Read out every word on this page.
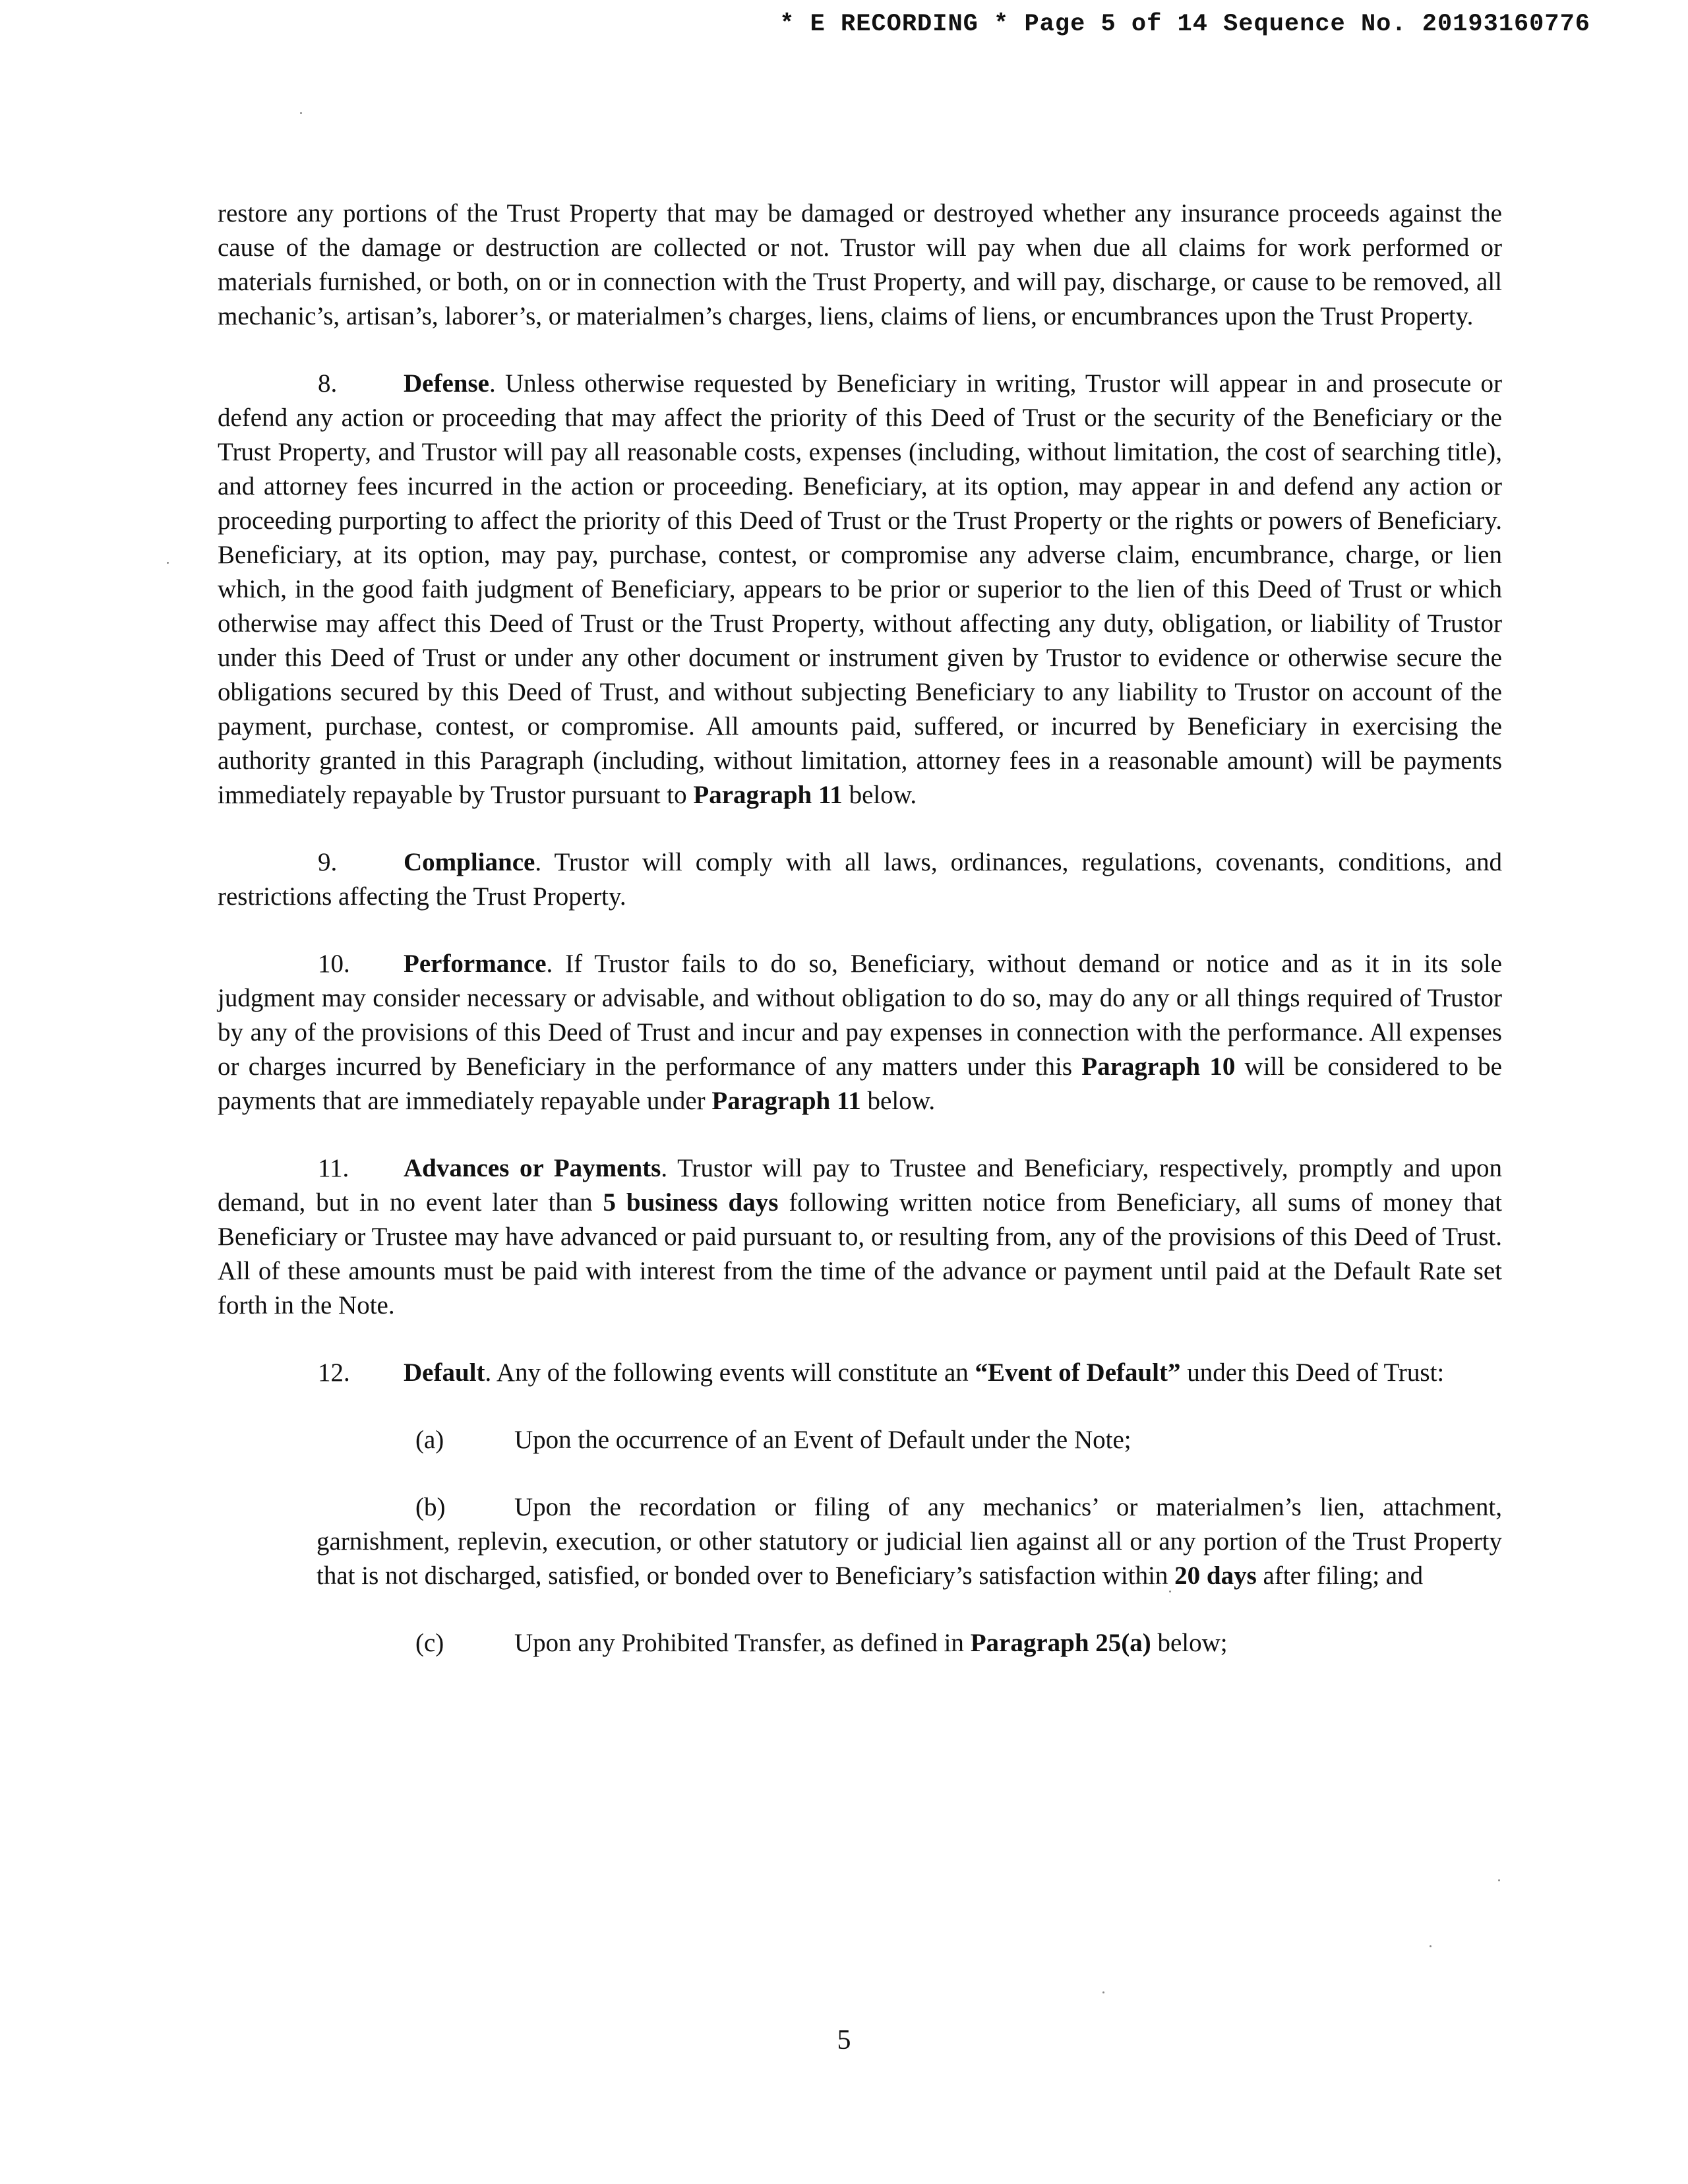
* E RECORDING * Page 5 of 14 Sequence No. 20193160776

restore any portions of the Trust Property that may be damaged or destroyed whether any insurance proceeds against the cause of the damage or destruction are collected or not. Trustor will pay when due all claims for work performed or materials furnished, or both, on or in connection with the Trust Property, and will pay, discharge, or cause to be removed, all mechanic’s, artisan’s, laborer’s, or materialmen’s charges, liens, claims of liens, or encumbrances upon the Trust Property.

8.	Defense. Unless otherwise requested by Beneficiary in writing, Trustor will appear in and prosecute or defend any action or proceeding that may affect the priority of this Deed of Trust or the security of the Beneficiary or the Trust Property, and Trustor will pay all reasonable costs, expenses (including, without limitation, the cost of searching title), and attorney fees incurred in the action or proceeding. Beneficiary, at its option, may appear in and defend any action or proceeding purporting to affect the priority of this Deed of Trust or the Trust Property or the rights or powers of Beneficiary. Beneficiary, at its option, may pay, purchase, contest, or compromise any adverse claim, encumbrance, charge, or lien which, in the good faith judgment of Beneficiary, appears to be prior or superior to the lien of this Deed of Trust or which otherwise may affect this Deed of Trust or the Trust Property, without affecting any duty, obligation, or liability of Trustor under this Deed of Trust or under any other document or instrument given by Trustor to evidence or otherwise secure the obligations secured by this Deed of Trust, and without subjecting Beneficiary to any liability to Trustor on account of the payment, purchase, contest, or compromise. All amounts paid, suffered, or incurred by Beneficiary in exercising the authority granted in this Paragraph (including, without limitation, attorney fees in a reasonable amount) will be payments immediately repayable by Trustor pursuant to Paragraph 11 below.

9.	Compliance. Trustor will comply with all laws, ordinances, regulations, covenants, conditions, and restrictions affecting the Trust Property.

10. Performance. If Trustor fails to do so, Beneficiary, without demand or notice and as it in its sole judgment may consider necessary or advisable, and without obligation to do so, may do any or all things required of Trustor by any of the provisions of this Deed of Trust and incur and pay expenses in connection with the performance. All expenses or charges incurred by Beneficiary in the performance of any matters under this Paragraph 10 will be considered to be payments that are immediately repayable under Paragraph 11 below.

11. Advances or Payments. Trustor will pay to Trustee and Beneficiary, respectively, promptly and upon demand, but in no event later than 5 business days following written notice from Beneficiary, all sums of money that Beneficiary or Trustee may have advanced or paid pursuant to, or resulting from, any of the provisions of this Deed of Trust. All of these amounts must be paid with interest from the time of the advance or payment until paid at the Default Rate set forth in the Note.

12. Default. Any of the following events will constitute an “Event of Default” under this Deed of Trust:

(a)	Upon the occurrence of an Event of Default under the Note;

(b)	Upon the recordation or filing of any mechanics’ or materialmen’s lien, attachment, garnishment, replevin, execution, or other statutory or judicial lien against all or any portion of the Trust Property that is not discharged, satisfied, or bonded over to Beneficiary’s satisfaction within 20 days after filing; and

(c)	Upon any Prohibited Transfer, as defined in Paragraph 25(a) below;

5
